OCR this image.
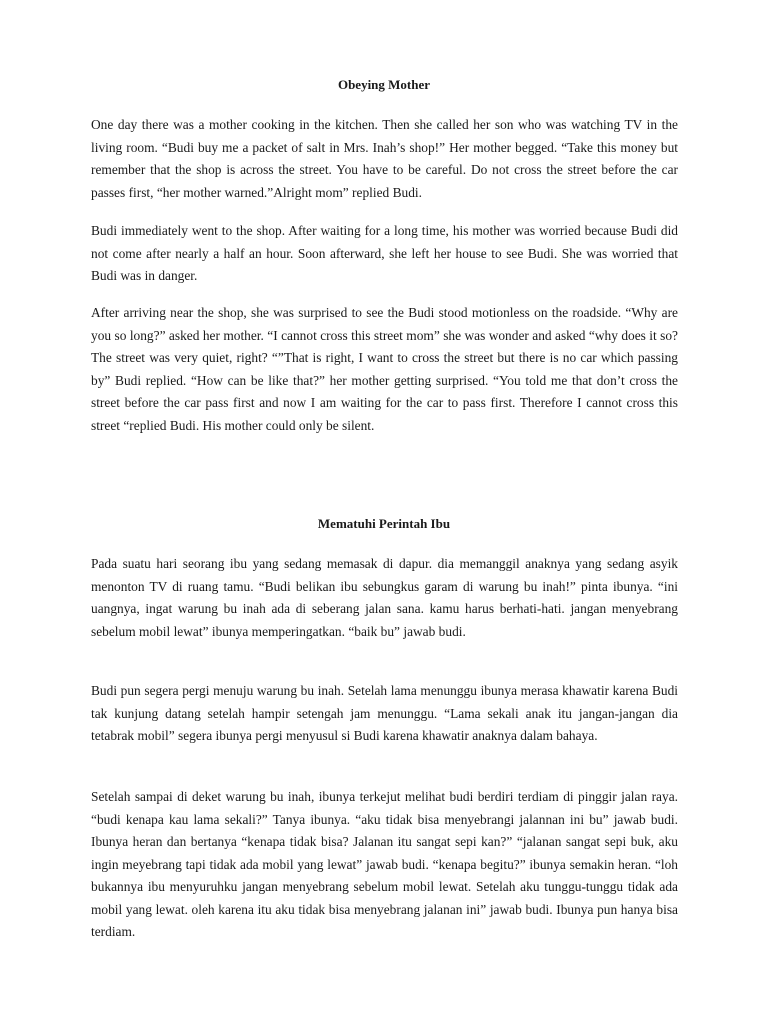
Obeying Mother

One day there was a mother cooking in the kitchen. Then she called her son who was watching TV in the living room. “Budi buy me a packet of salt in Mrs. Inah’s shop!” Her mother begged. “Take this money but remember that the shop is across the street. You have to be careful. Do not cross the street before the car passes first, “her mother warned.”Alright mom” replied Budi.

Budi immediately went to the shop. After waiting for a long time, his mother was worried because Budi did not come after nearly a half an hour. Soon afterward, she left her house to see Budi. She was worried that Budi was in danger.

After arriving near the shop, she was surprised to see the Budi stood motionless on the roadside. “Why are you so long?” asked her mother. “I cannot cross this street mom” she was wonder and asked “why does it so? The street was very quiet, right? “”That is right, I want to cross the street but there is no car which passing by” Budi replied. “How can be like that?” her mother getting surprised. “You told me that don’t cross the street before the car pass first and now I am waiting for the car to pass first. Therefore I cannot cross this street “replied Budi. His mother could only be silent.

Mematuhi Perintah Ibu

Pada suatu hari seorang ibu yang sedang memasak di dapur. dia memanggil anaknya yang sedang asyik menonton TV di ruang tamu. “Budi belikan ibu sebungkus garam di warung bu inah!” pinta ibunya. “ini uangnya, ingat warung bu inah ada di seberang jalan sana. kamu harus berhati-hati. jangan menyebrang sebelum mobil lewat” ibunya memperingatkan. “baik bu” jawab budi.

Budi pun segera pergi menuju warung bu inah. Setelah lama menunggu ibunya merasa khawatir karena Budi tak kunjung datang setelah hampir setengah jam menunggu. “Lama sekali anak itu jangan-jangan dia tetabrak mobil” segera ibunya pergi menyusul si Budi karena khawatir anaknya dalam bahaya.

Setelah sampai di deket warung bu inah, ibunya terkejut melihat budi berdiri terdiam di pinggir jalan raya. “budi kenapa kau lama sekali?” Tanya ibunya. “aku tidak bisa menyebrangi jalannan ini bu” jawab budi. Ibunya heran dan bertanya “kenapa tidak bisa? Jalanan itu sangat sepi kan?” “jalanan sangat sepi buk, aku ingin meyebrang tapi tidak ada mobil yang lewat” jawab budi. “kenapa begitu?” ibunya semakin heran. “loh bukannya ibu menyuruhku jangan menyebrang sebelum mobil lewat. Setelah aku tunggu-tunggu tidak ada mobil yang lewat. oleh karena itu aku tidak bisa menyebrang jalanan ini” jawab budi. Ibunya pun hanya bisa terdiam.
